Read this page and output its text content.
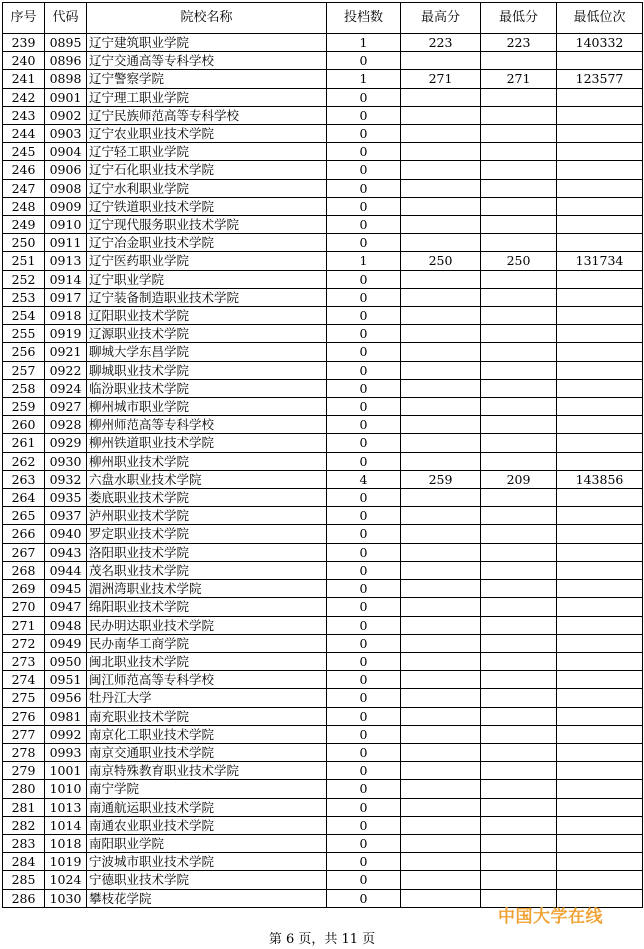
序号	代码	院校名称	投档数	最高分	最低分	最低位次
239	0895	辽宁建筑职业学院	1	223	223	140332
240	0896	辽宁交通高等专科学校	0			
241	0898	辽宁警察学院	1	271	271	123577
242	0901	辽宁理工职业学院	0			
243	0902	辽宁民族师范高等专科学校	0			
244	0903	辽宁农业职业技术学院	0			
245	0904	辽宁轻工职业学院	0			
246	0906	辽宁石化职业技术学院	0			
247	0908	辽宁水利职业学院	0			
248	0909	辽宁铁道职业技术学院	0			
249	0910	辽宁现代服务职业技术学院	0			
250	0911	辽宁冶金职业技术学院	0			
251	0913	辽宁医药职业学院	1	250	250	131734
252	0914	辽宁职业学院	0			
253	0917	辽宁装备制造职业技术学院	0			
254	0918	辽阳职业技术学院	0			
255	0919	辽源职业技术学院	0			
256	0921	聊城大学东昌学院	0			
257	0922	聊城职业技术学院	0			
258	0924	临汾职业技术学院	0			
259	0927	柳州城市职业学院	0			
260	0928	柳州师范高等专科学校	0			
261	0929	柳州铁道职业技术学院	0			
262	0930	柳州职业技术学院	0			
263	0932	六盘水职业技术学院	4	259	209	143856
264	0935	娄底职业技术学院	0			
265	0937	泸州职业技术学院	0			
266	0940	罗定职业技术学院	0			
267	0943	洛阳职业技术学院	0			
268	0944	茂名职业技术学院	0			
269	0945	湄洲湾职业技术学院	0			
270	0947	绵阳职业技术学院	0			
271	0948	民办明达职业技术学院	0			
272	0949	民办南华工商学院	0			
273	0950	闽北职业技术学院	0			
274	0951	闽江师范高等专科学校	0			
275	0956	牡丹江大学	0			
276	0981	南充职业技术学院	0			
277	0992	南京化工职业技术学院	0			
278	0993	南京交通职业技术学院	0			
279	1001	南京特殊教育职业技术学院	0			
280	1010	南宁学院	0			
281	1013	南通航运职业技术学院	0			
282	1014	南通农业职业技术学院	0			
283	1018	南阳职业学院	0			
284	1019	宁波城市职业技术学院	0			
285	1024	宁德职业技术学院	0			
286	1030	攀枝花学院	0			
中国大学在线
第 6 页，共 11 页
